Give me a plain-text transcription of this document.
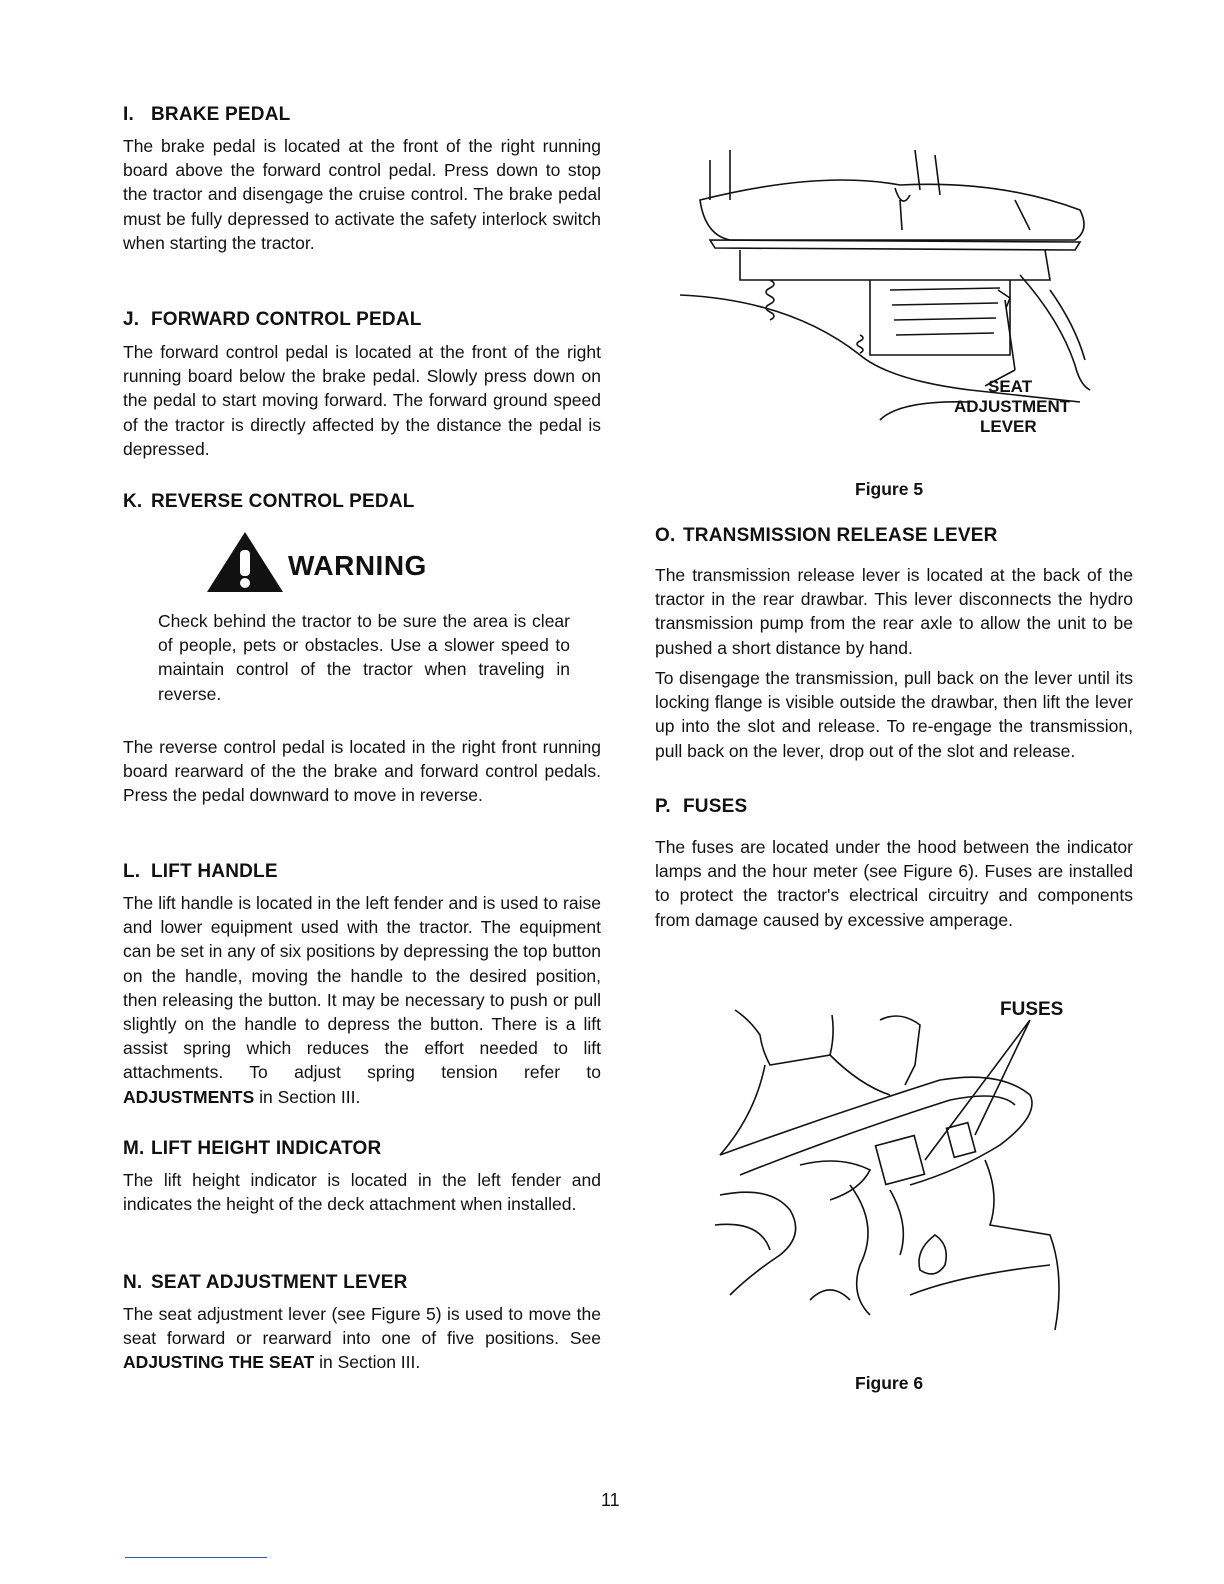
I. BRAKE PEDAL
The brake pedal is located at the front of the right running board above the forward control pedal. Press down to stop the tractor and disengage the cruise control. The brake pedal must be fully depressed to activate the safety interlock switch when starting the tractor.
J. FORWARD CONTROL PEDAL
The forward control pedal is located at the front of the right running board below the brake pedal. Slowly press down on the pedal to start moving forward. The forward ground speed of the tractor is directly affected by the distance the pedal is depressed.
K. REVERSE CONTROL PEDAL
WARNING
Check behind the tractor to be sure the area is clear of people, pets or obstacles. Use a slower speed to maintain control of the tractor when traveling in reverse.
The reverse control pedal is located in the right front running board rearward of the the brake and forward control pedals. Press the pedal downward to move in reverse.
L. LIFT HANDLE
The lift handle is located in the left fender and is used to raise and lower equipment used with the tractor. The equipment can be set in any of six positions by depressing the top button on the handle, moving the handle to the desired position, then releasing the button. It may be necessary to push or pull slightly on the handle to depress the button. There is a lift assist spring which reduces the effort needed to lift attachments. To adjust spring tension refer to ADJUSTMENTS in Section III.
M. LIFT HEIGHT INDICATOR
The lift height indicator is located in the left fender and indicates the height of the deck attachment when installed.
N. SEAT ADJUSTMENT LEVER
The seat adjustment lever (see Figure 5) is used to move the seat forward or rearward into one of five positions. See ADJUSTING THE SEAT in Section III.
SEAT
ADJUSTMENT
LEVER
Figure 5
O. TRANSMISSION RELEASE LEVER
The transmission release lever is located at the back of the tractor in the rear drawbar. This lever disconnects the hydro transmission pump from the rear axle to allow the unit to be pushed a short distance by hand.
To disengage the transmission, pull back on the lever until its locking flange is visible outside the drawbar, then lift the lever up into the slot and release. To re-engage the transmission, pull back on the lever, drop out of the slot and release.
P. FUSES
The fuses are located under the hood between the indicator lamps and the hour meter (see Figure 6). Fuses are installed to protect the tractor's electrical circuitry and components from damage caused by excessive amperage.
FUSES
Figure 6
11
